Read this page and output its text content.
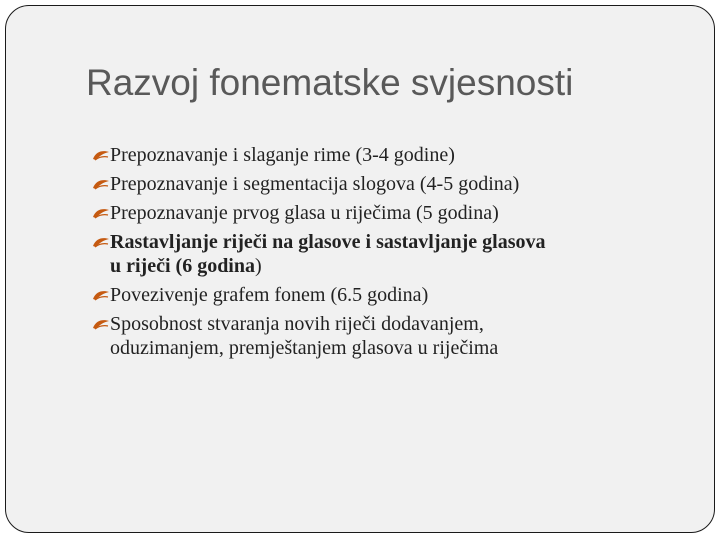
Razvoj fonematske svjesnosti
Prepoznavanje i slaganje rime (3-4 godine)
Prepoznavanje i segmentacija slogova (4-5 godina)
Prepoznavanje prvog glasa u riječima (5 godina)
Rastavljanje riječi na glasove i sastavljanje glasova
u riječi (6 godina)
Povezivenje grafem fonem (6.5 godina)
Sposobnost stvaranja novih riječi dodavanjem,
oduzimanjem, premještanjem glasova u riječima
